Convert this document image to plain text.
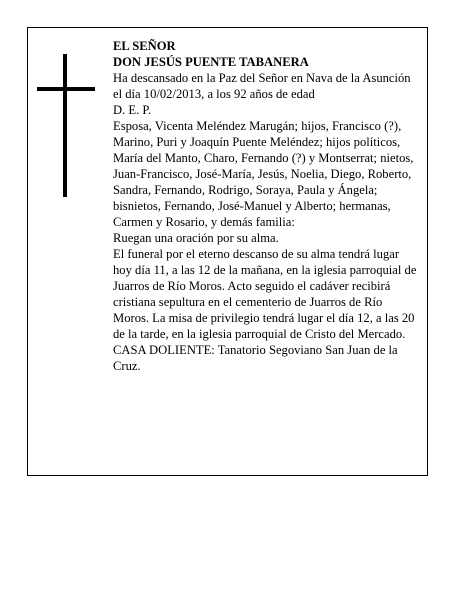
EL SEÑOR

DON JESÚS PUENTE TABANERA

Ha descansado en la Paz del Señor en Nava de la Asunción el día 10/02/2013, a los 92 años de edad

D. E. P.

Esposa, Vicenta Meléndez Marugán; hijos, Francisco (?), Marino, Puri y Joaquín Puente Meléndez; hijos políticos, María del Manto, Charo, Fernando (?) y Montserrat; nietos, Juan-Francisco, José-María, Jesús, Noelia, Diego, Roberto, Sandra, Fernando, Rodrigo, Soraya, Paula y Ángela; bisnietos, Fernando, José-Manuel y Alberto; hermanas, Carmen y Rosario, y demás familia:

Ruegan una oración por su alma.

El funeral por el eterno descanso de su alma tendrá lugar hoy día 11, a las 12 de la mañana, en la iglesia parroquial de Juarros de Río Moros. Acto seguido el cadáver recibirá cristiana sepultura en el cementerio de Juarros de Río Moros. La misa de privilegio tendrá lugar el día 12, a las 20 de la tarde, en la iglesia parroquial de Cristo del Mercado.

CASA DOLIENTE: Tanatorio Segoviano San Juan de la Cruz.
